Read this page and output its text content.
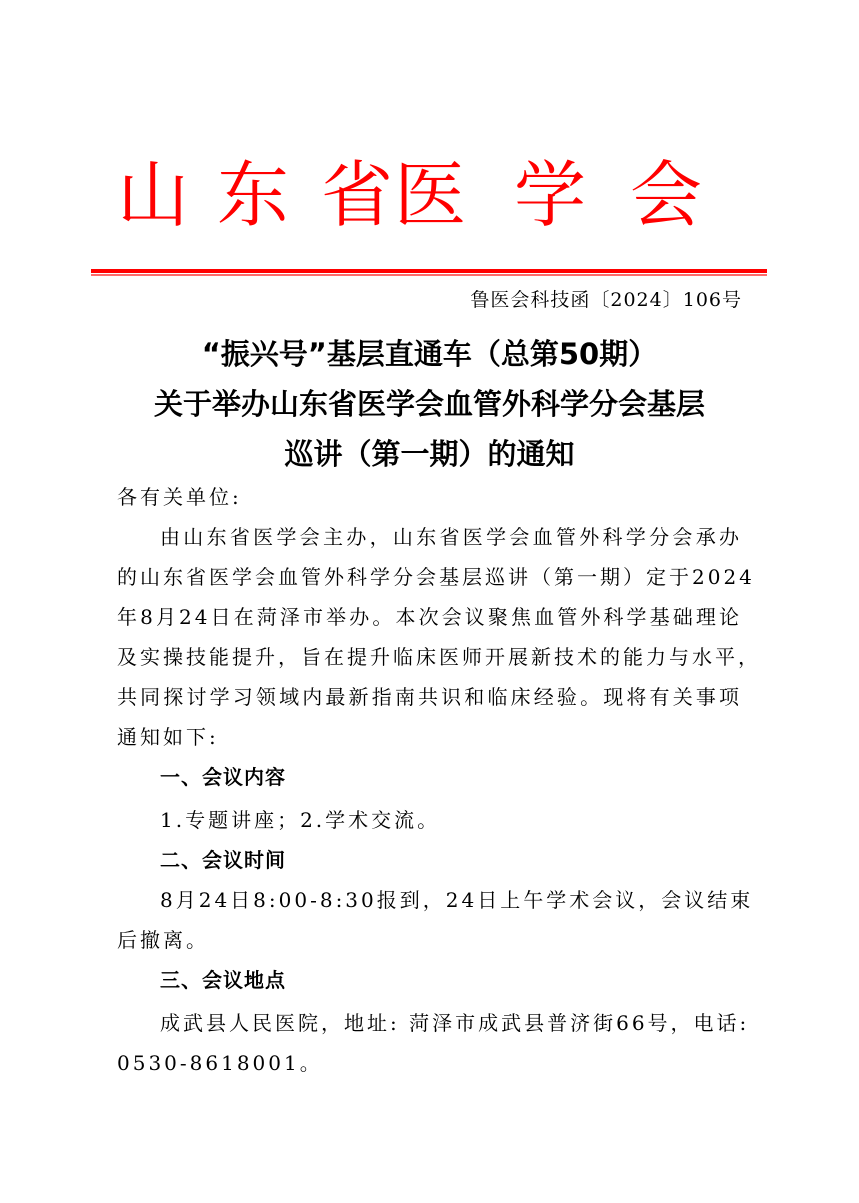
山 东 省 医 学 会
鲁医会科技函〔2024〕106号
“振兴号”基层直通车（总第50期）
关于举办山东省医学会血管外科学分会基层
巡讲（第一期）的通知
各有关单位:
由山东省医学会主办，山东省医学会血管外科学分会承办
的山东省医学会血管外科学分会基层巡讲（第一期）定于2024
年8月24日在菏泽市举办。本次会议聚焦血管外科学基础理论
及实操技能提升，旨在提升临床医师开展新技术的能力与水平，
共同探讨学习领域内最新指南共识和临床经验。现将有关事项
通知如下:
一、会议内容
1.专题讲座；2.学术交流。
二、会议时间
8月24日8:00-8:30报到，24日上午学术会议，会议结束
后撤离。
三、会议地点
成武县人民医院，地址: 菏泽市成武县普济街66号，电话:
0530-8618001。
